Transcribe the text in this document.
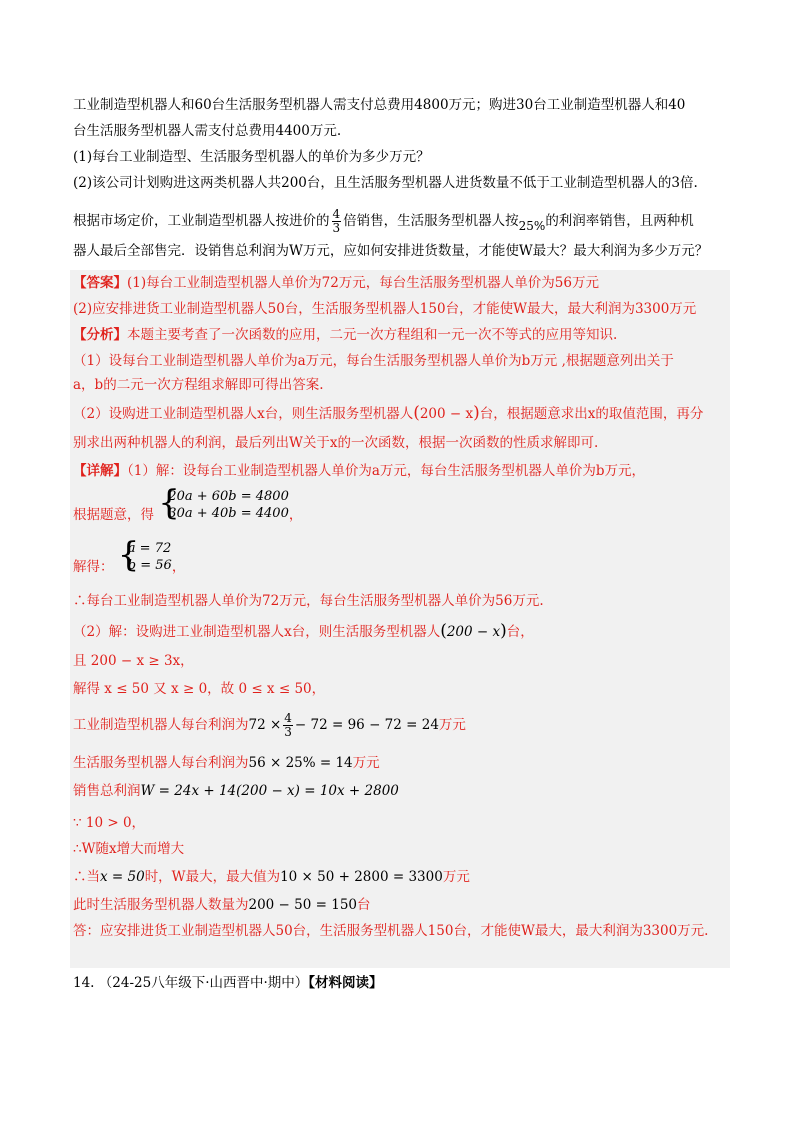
工业制造型机器人和60台生活服务型机器人需支付总费用4800万元；购进30台工业制造型机器人和40
台生活服务型机器人需支付总费用4400万元.
(1)每台工业制造型、生活服务型机器人的单价为多少万元？
(2)该公司计划购进这两类机器人共200台，且生活服务型机器人进货数量不低于工业制造型机器人的3倍.
根据市场定价，工业制造型机器人按进价的 $\frac{4}{3}$ 倍销售，生活服务型机器人按25%的利润率销售，且两种机
器人最后全部售完．设销售总利润为W万元，应如何安排进货数量，才能使W最大？最大利润为多少万元？
【答案】(1)每台工业制造型机器人单价为72万元，每台生活服务型机器人单价为56万元
(2)应安排进货工业制造型机器人50台，生活服务型机器人150台，才能使W最大，最大利润为3300万元
【分析】本题主要考查了一次函数的应用，二元一次方程组和一元一次不等式的应用等知识.
（1）设每台工业制造型机器人单价为a万元，每台生活服务型机器人单价为b万元 ,根据题意列出关于
a，b的二元一次方程组求解即可得出答案.
（2）设购进工业制造型机器人x台，则生活服务型机器人(200 − x)台，根据题意求出x的取值范围，再分
别求出两种机器人的利润，最后列出W关于x的一次函数，根据一次函数的性质求解即可.
【详解】（1）解：设每台工业制造型机器人单价为a万元，每台生活服务型机器人单价为b万元，
根据题意，得 {
20a + 60b = 4800
30a + 40b = 4400 ，
解得： {
a = 72
b = 56 ，
∴每台工业制造型机器人单价为72万元，每台生活服务型机器人单价为56万元.
（2）解：设购进工业制造型机器人x台，则生活服务型机器人(200 − x)台，
且 200 − x ≥ 3x，
解得 x ≤ 50 又 x ≥ 0，故 0 ≤ x ≤ 50，
工业制造型机器人每台利润为$72 \times \frac{4}{3} - 72 = 96 - 72 = 24$万元
生活服务型机器人每台利润为56 × 25% = 14万元
销售总利润W = 24x + 14(200 − x) = 10x + 2800
∵ 10 > 0，
∴W随x增大而增大
∴当x = 50时，W最大，最大值为10 × 50 + 2800 = 3300万元
此时生活服务型机器人数量为200 − 50 = 150台
答：应安排进货工业制造型机器人50台，生活服务型机器人150台，才能使W最大，最大利润为3300万元.
14. （24-25八年级下·山西晋中·期中）【材料阅读】
